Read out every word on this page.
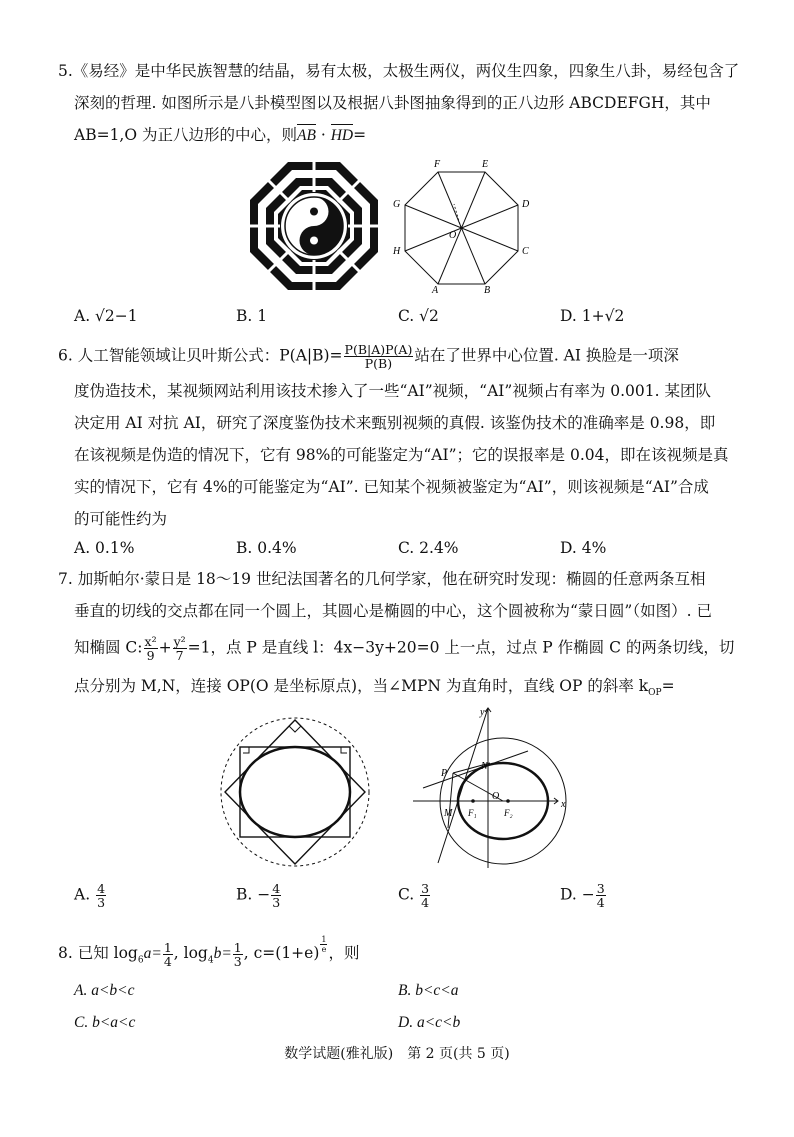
5.《易经》是中华民族智慧的结晶，易有太极，太极生两仪，两仪生四象，四象生八卦，易经包含了
深刻的哲理. 如图所示是八卦模型图以及根据八卦图抽象得到的正八边形 ABCDEFGH，其中
AB=1,O 为正八边形的中心，则AB · HD=
A	B
C
D
E
F
G
H
O
A. √2−1	B. 1	C. √2	D. 1+√2
6. 人工智能领域让贝叶斯公式：$P(A|B)= \frac{P(B|A)P(A)}{P(B)}$ 站在了世界中心位置. AI 换脸是一项深
度伪造技术，某视频网站利用该技术掺入了一些“AI”视频，“AI”视频占有率为 0.001. 某团队
决定用 AI 对抗 AI，研究了深度鉴伪技术来甄别视频的真假. 该鉴伪技术的准确率是 0.98，即
在该视频是伪造的情况下，它有 98%的可能鉴定为“AI”；它的误报率是 0.04，即在该视频是真
实的情况下，它有 4%的可能鉴定为“AI”. 已知某个视频被鉴定为“AI”，则该视频是“AI”合成
的可能性约为
A. 0.1%	B. 0.4%	C. 2.4%	D. 4%
7. 加斯帕尔·蒙日是 18～19 世纪法国著名的几何学家，他在研究时发现：椭圆的任意两条互相
垂直的切线的交点都在同一个圆上，其圆心是椭圆的中心，这个圆被称为“蒙日圆”（如图）. 已
知椭圆 C: $\frac{\text{x²}}{9} + \frac{\text{y²}}{7} =1$，点 P 是直线 l：4x−3y+20=0 上一点，过点 P 作椭圆 C 的两条切线，切
点分别为 M,N，连接 OP(O 是坐标原点)，当∠MPN 为直角时，直线 OP 的斜率 $k_{OP}=$
y
P
N
O
M F₁	F₂
x
A. $\frac{4}{3}$	B. − $\frac{4}{3}$	C. $\frac{3}{4}$	D. − $\frac{3}{4}$
8. 已知 $\log_6a= \frac{1}{4}$ , $\log_4b= \frac{1}{3}$ , $c=(1+e) \frac{1}{e}$ ，则
A. a<b<c	B. b<c<a
C. b<a<c	D. a<c<b
数学试题(雅礼版)　第 2 页(共 5 页)
